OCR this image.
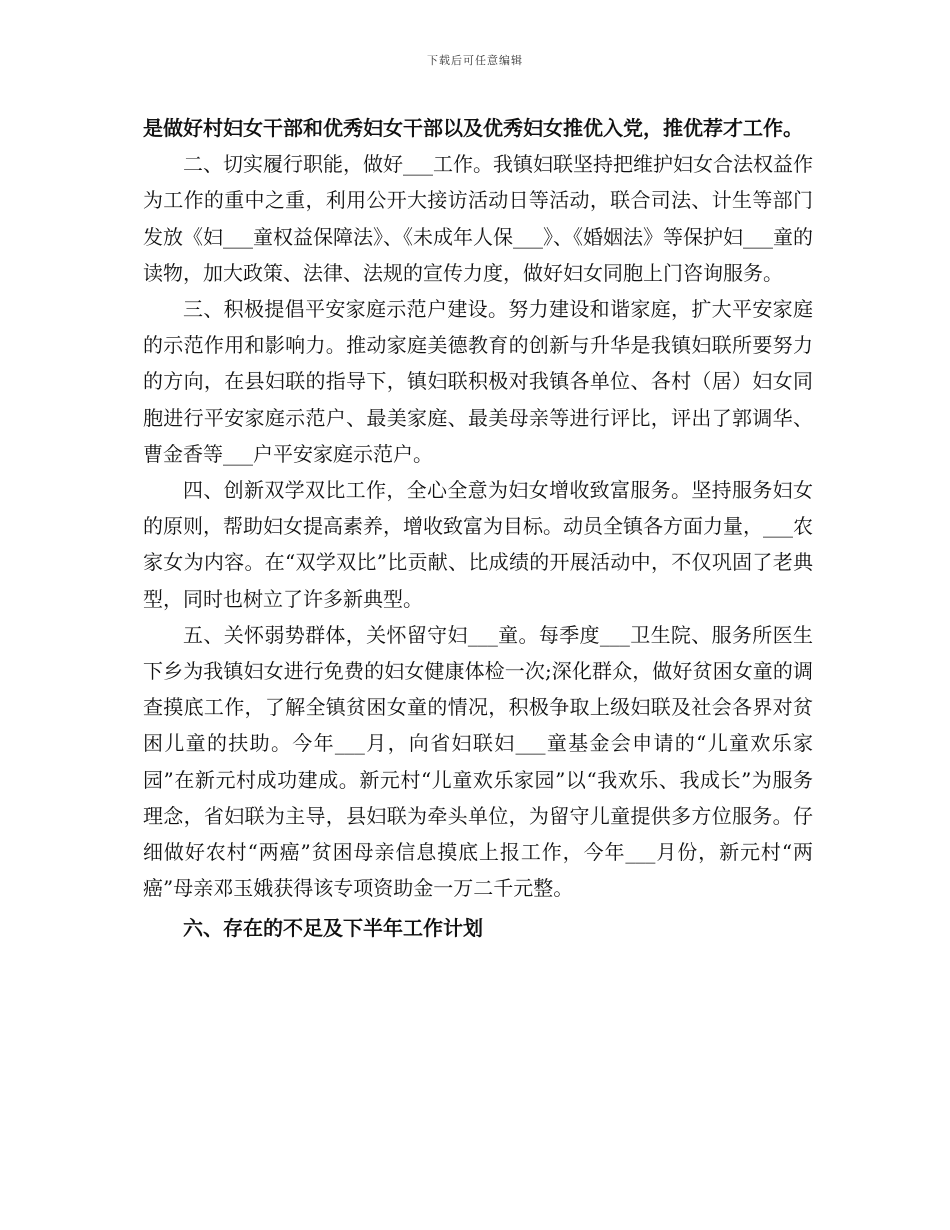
下载后可任意编辑

是做好村妇女干部和优秀妇女干部以及优秀妇女推优入党，推优荐才工作。

二、切实履行职能，做好___工作。我镇妇联坚持把维护妇女合法权益作为工作的重中之重，利用公开大接访活动日等活动，联合司法、计生等部门发放《妇___童权益保障法》、《未成年人保___》、《婚姻法》等保护妇___童的读物，加大政策、法律、法规的宣传力度，做好妇女同胞上门咨询服务。

三、积极提倡平安家庭示范户建设。努力建设和谐家庭，扩大平安家庭的示范作用和影响力。推动家庭美德教育的创新与升华是我镇妇联所要努力的方向，在县妇联的指导下，镇妇联积极对我镇各单位、各村（居）妇女同胞进行平安家庭示范户、最美家庭、最美母亲等进行评比，评出了郭调华、曹金香等___户平安家庭示范户。

四、创新双学双比工作，全心全意为妇女增收致富服务。坚持服务妇女的原则，帮助妇女提高素养，增收致富为目标。动员全镇各方面力量，___农家女为内容。在“双学双比”比贡献、比成绩的开展活动中，不仅巩固了老典型，同时也树立了许多新典型。

五、关怀弱势群体，关怀留守妇___童。每季度___卫生院、服务所医生下乡为我镇妇女进行免费的妇女健康体检一次;深化群众，做好贫困女童的调查摸底工作，了解全镇贫困女童的情况，积极争取上级妇联及社会各界对贫困儿童的扶助。今年___月，向省妇联妇___童基金会申请的“儿童欢乐家园”在新元村成功建成。新元村“儿童欢乐家园”以“我欢乐、我成长”为服务理念，省妇联为主导，县妇联为牵头单位，为留守儿童提供多方位服务。仔细做好农村“两癌”贫困母亲信息摸底上报工作，今年___月份，新元村“两癌”母亲邓玉娥获得该专项资助金一万二千元整。

六、存在的不足及下半年工作计划
